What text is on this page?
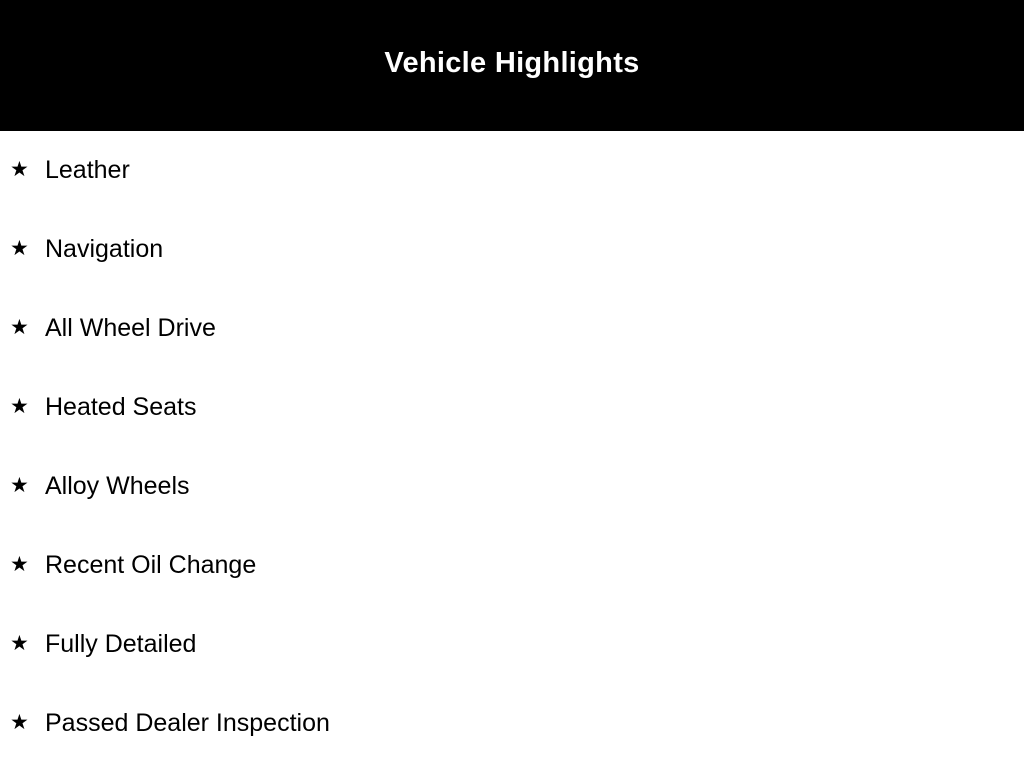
Vehicle Highlights
★ Leather
★ Navigation
★ All Wheel Drive
★ Heated Seats
★ Alloy Wheels
★ Recent Oil Change
★ Fully Detailed
★ Passed Dealer Inspection
